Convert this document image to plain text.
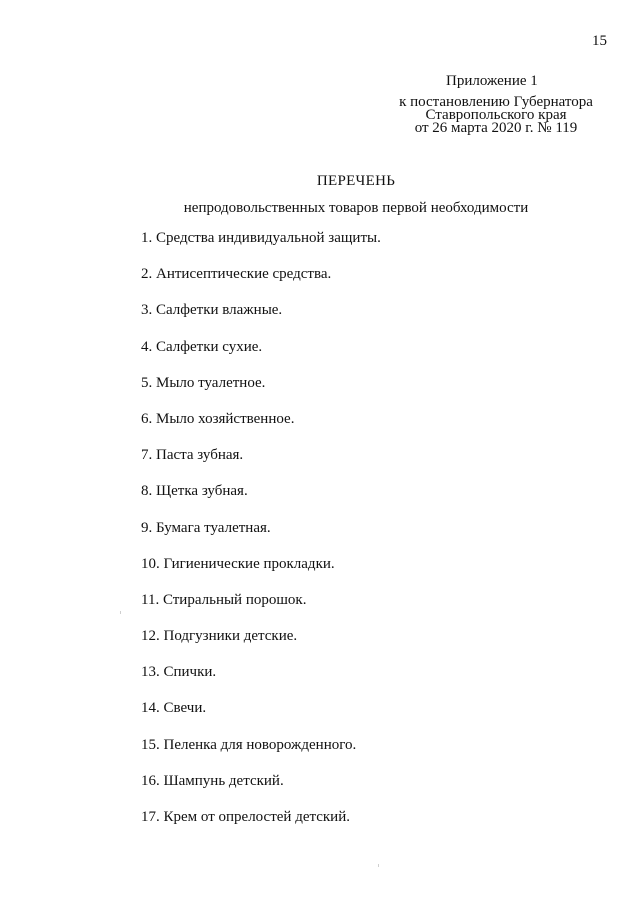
15
Приложение 1
к постановлению Губернатора
Ставропольского края
от 26 марта 2020 г. № 119
ПЕРЕЧЕНЬ
непродовольственных товаров первой необходимости
1. Средства индивидуальной защиты.
2. Антисептические средства.
3. Салфетки влажные.
4. Салфетки сухие.
5. Мыло туалетное.
6. Мыло хозяйственное.
7. Паста зубная.
8. Щетка зубная.
9. Бумага туалетная.
10. Гигиенические прокладки.
11. Стиральный порошок.
12. Подгузники детские.
13. Спички.
14. Свечи.
15. Пеленка для новорожденного.
16. Шампунь детский.
17. Крем от опрелостей детский.
